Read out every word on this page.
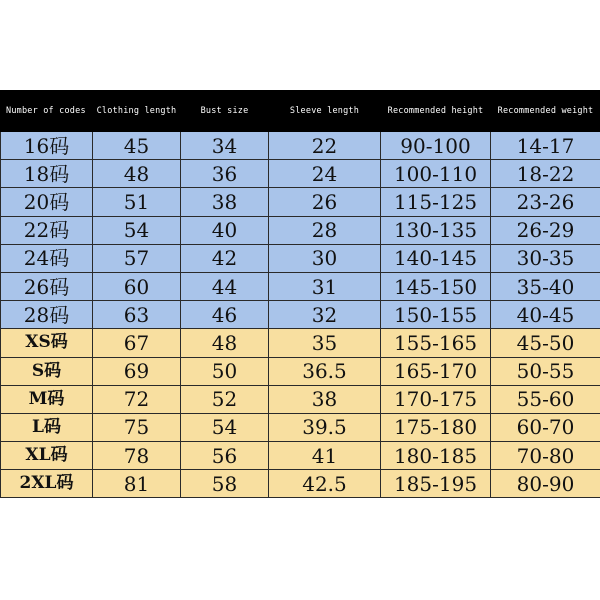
Number of codes	Clothing length	Bust size	Sleeve length	Recommended height	Recommended weight
16码	45	34	22	90-100	14-17
18码	48	36	24	100-110	18-22
20码	51	38	26	115-125	23-26
22码	54	40	28	130-135	26-29
24码	57	42	30	140-145	30-35
26码	60	44	31	145-150	35-40
28码	63	46	32	150-155	40-45
XS码	67	48	35	155-165	45-50
S码	69	50	36.5	165-170	50-55
M码	72	52	38	170-175	55-60
L码	75	54	39.5	175-180	60-70
XL码	78	56	41	180-185	70-80
2XL码	81	58	42.5	185-195	80-90
